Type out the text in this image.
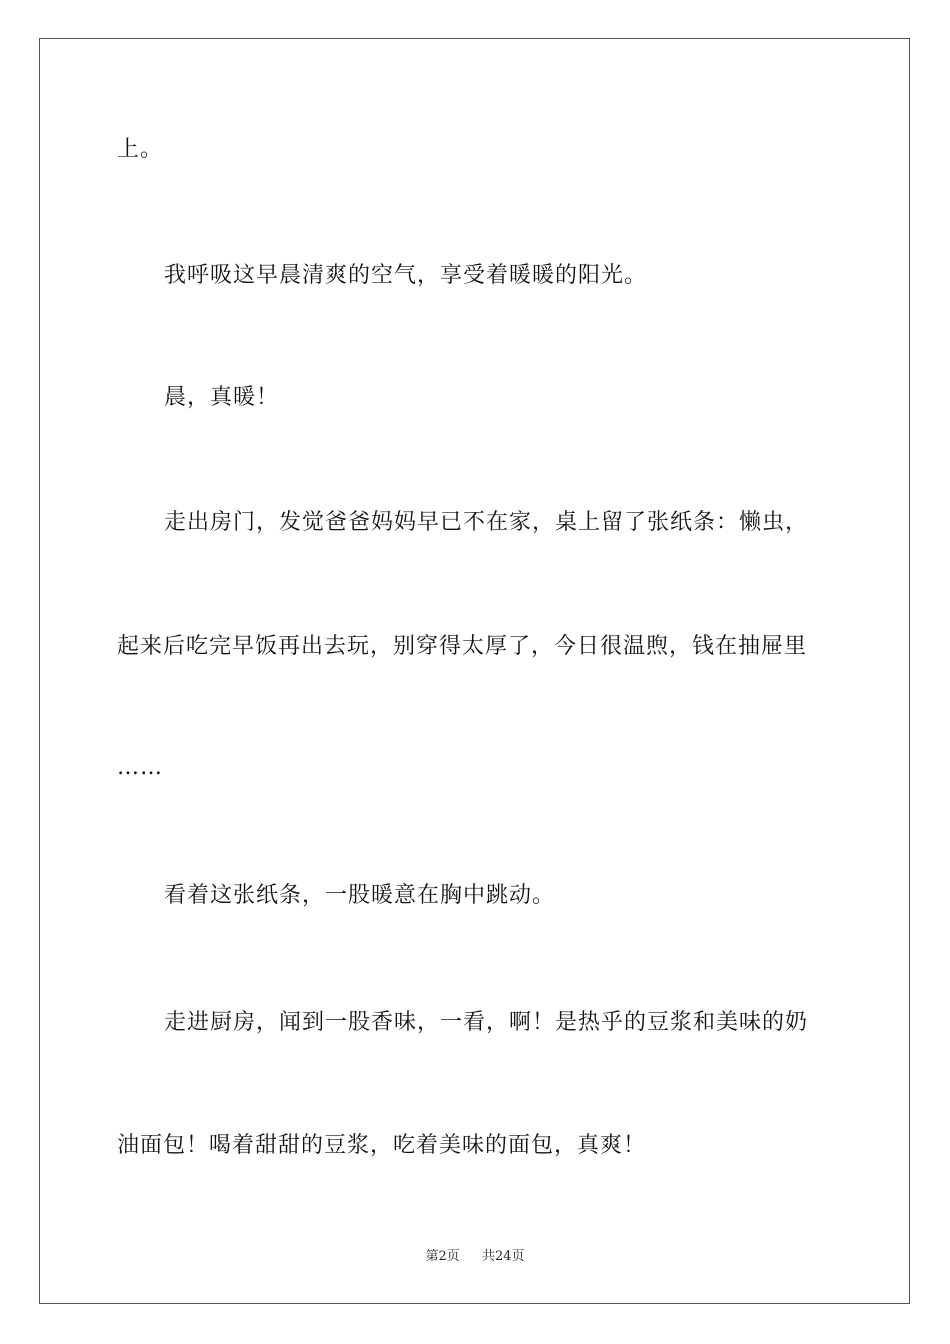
上。
我呼吸这早晨清爽的空气，享受着暖暖的阳光。
晨，真暖！
走出房门，发觉爸爸妈妈早已不在家，桌上留了张纸条：懒虫，
起来后吃完早饭再出去玩，别穿得太厚了，今日很温煦，钱在抽屉里
……
看着这张纸条，一股暖意在胸中跳动。
走进厨房，闻到一股香味，一看，啊！是热乎的豆浆和美味的奶
油面包！喝着甜甜的豆浆，吃着美味的面包，真爽！
第2页 共24页
